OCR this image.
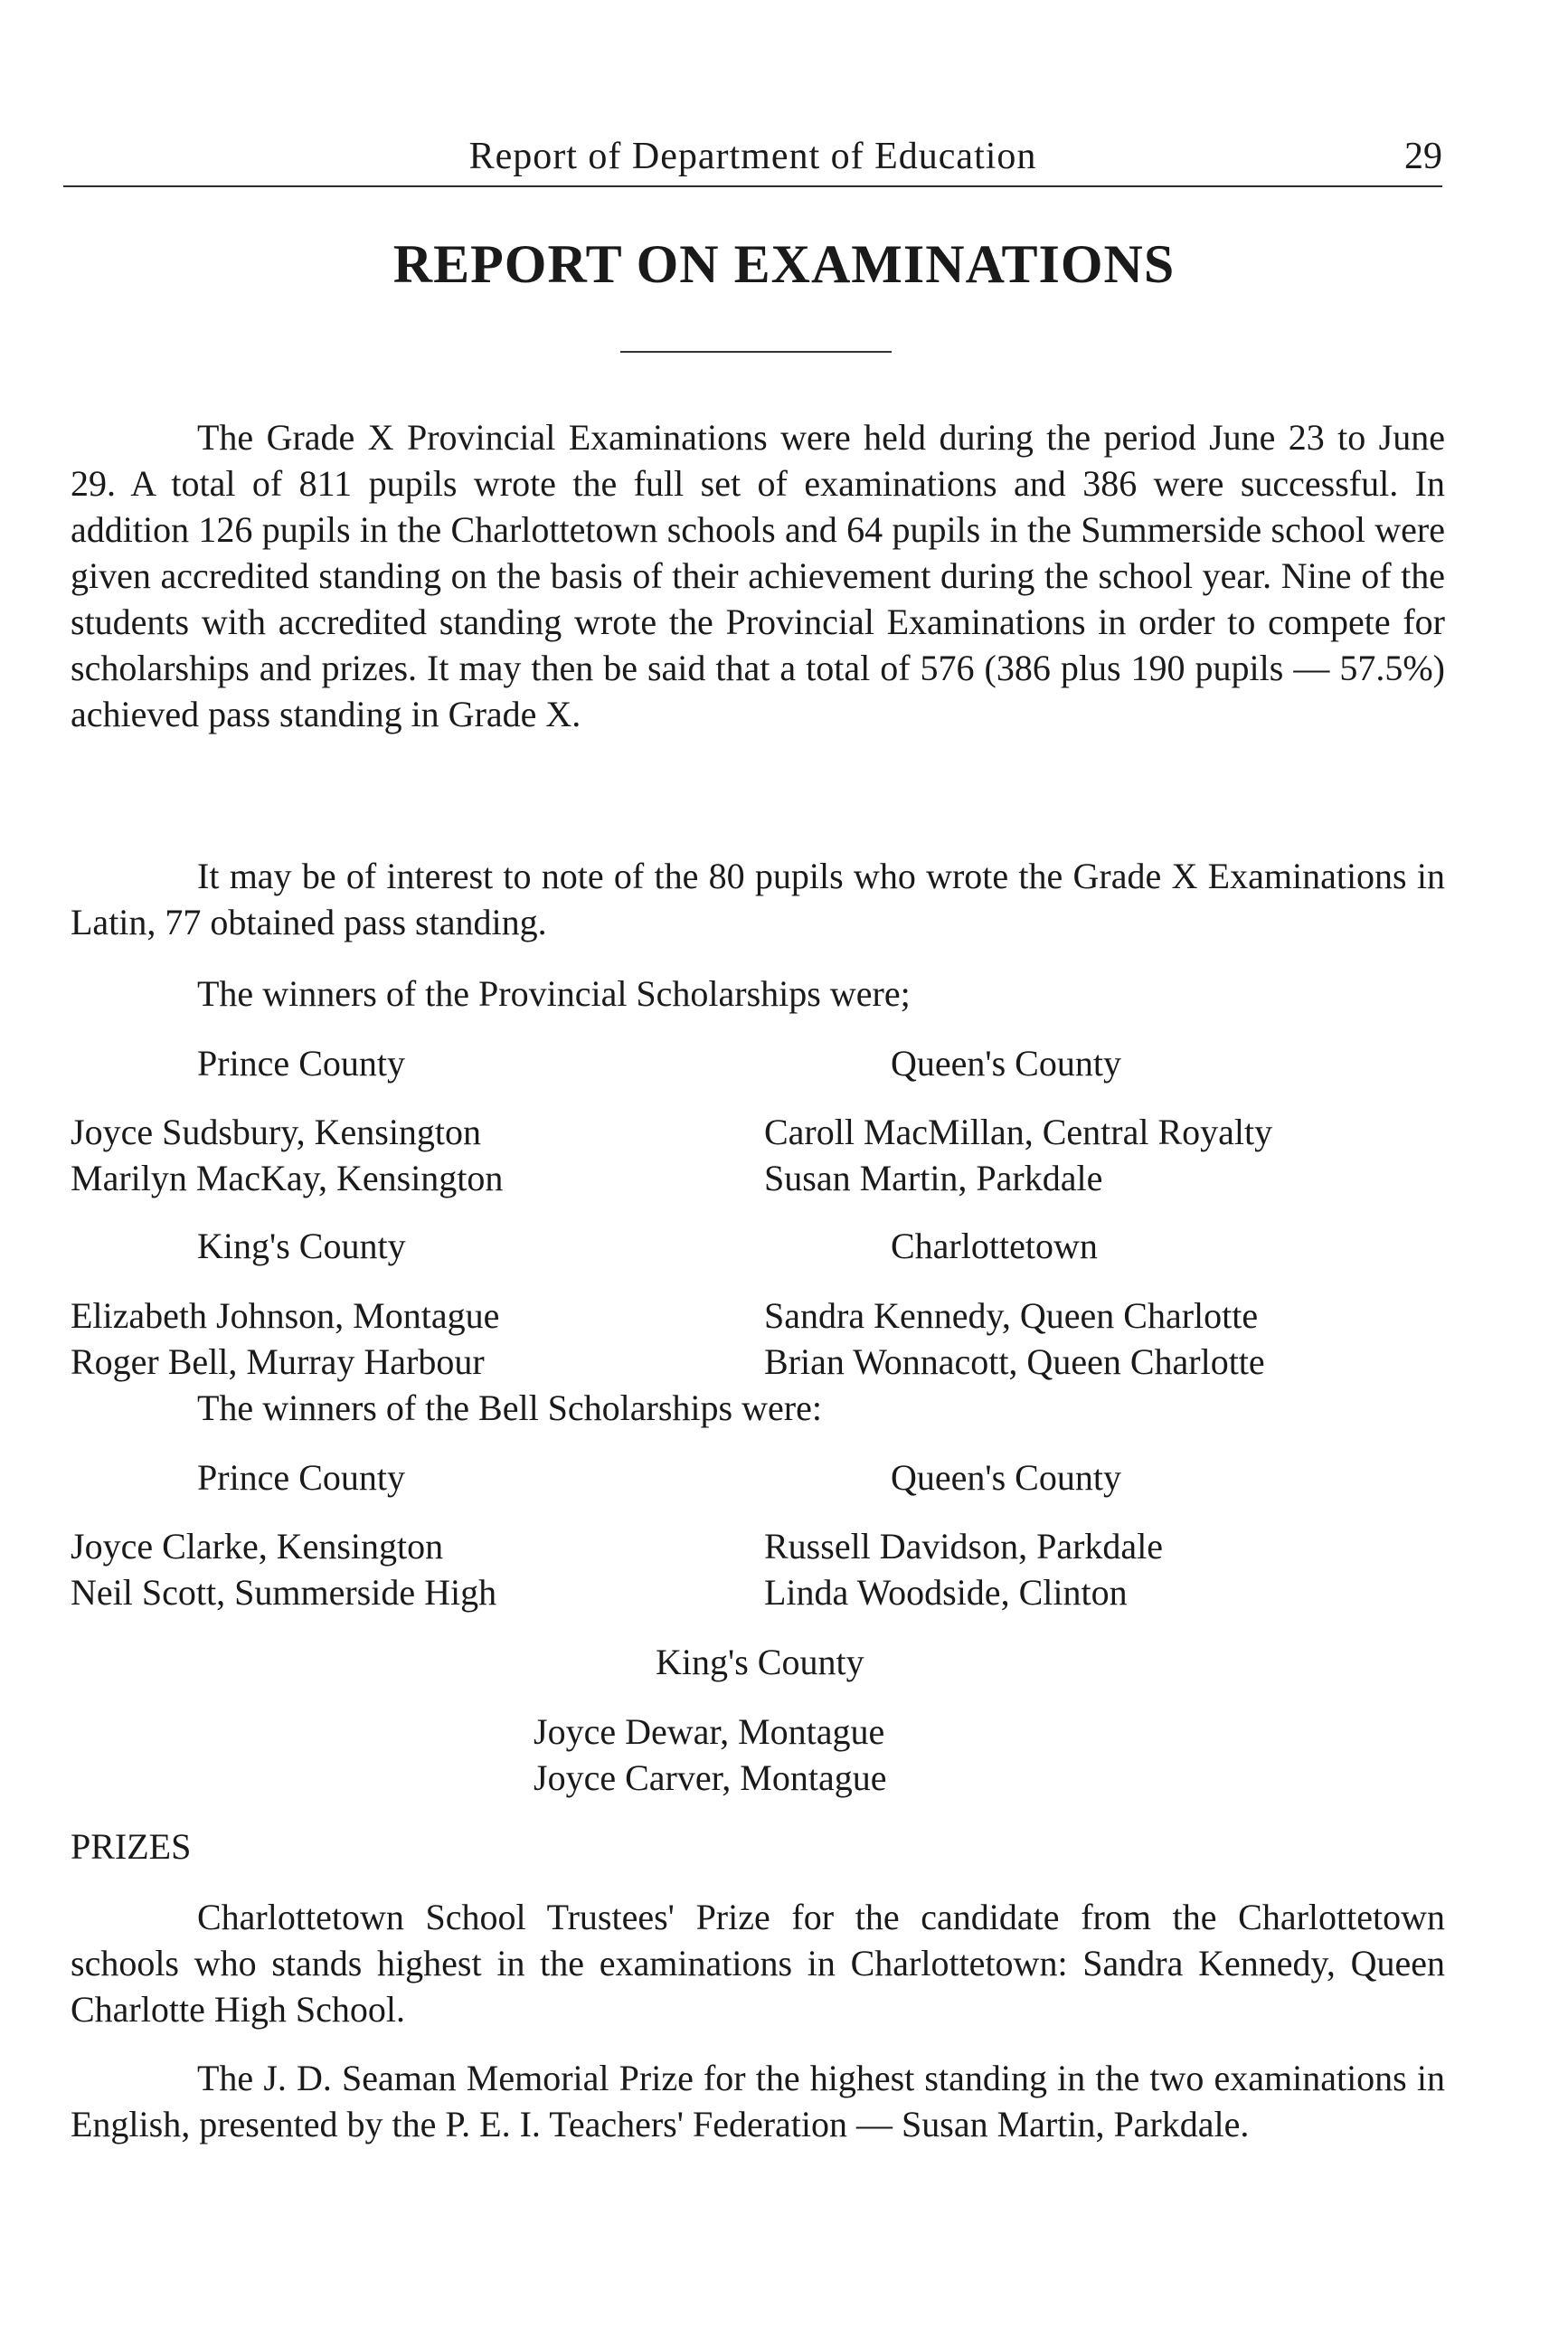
Report of Department of Education	29
REPORT ON EXAMINATIONS

The Grade X Provincial Examinations were held during the period June 23 to June 29. A total of 811 pupils wrote the full set of examinations and 386 were successful. In addition 126 pupils in the Charlottetown schools and 64 pupils in the Summerside school were given accredited standing on the basis of their achievement during the school year. Nine of the students with accredited standing wrote the Provincial Examinations in order to compete for scholarships and prizes. It may then be said that a total of 576 (386 plus 190 pupils — 57.5%) achieved pass standing in Grade X.

It may be of interest to note of the 80 pupils who wrote the Grade X Examinations in Latin, 77 obtained pass standing.

The winners of the Provincial Scholarships were;
Prince County	Queen's County
Joyce Sudsbury, Kensington	Caroll MacMillan, Central Royalty
Marilyn MacKay, Kensington	Susan Martin, Parkdale
King's County	Charlottetown
Elizabeth Johnson, Montague	Sandra Kennedy, Queen Charlotte
Roger Bell, Murray Harbour	Brian Wonnacott, Queen Charlotte
The winners of the Bell Scholarships were:
Prince County	Queen's County
Joyce Clarke, Kensington	Russell Davidson, Parkdale
Neil Scott, Summerside High	Linda Woodside, Clinton
King's County
Joyce Dewar, Montague
Joyce Carver, Montague
PRIZES

Charlottetown School Trustees' Prize for the candidate from the Charlottetown schools who stands highest in the examinations in Charlottetown: Sandra Kennedy, Queen Charlotte High School.

The J. D. Seaman Memorial Prize for the highest standing in the two examinations in English, presented by the P. E. I. Teachers' Federation — Susan Martin, Parkdale.
